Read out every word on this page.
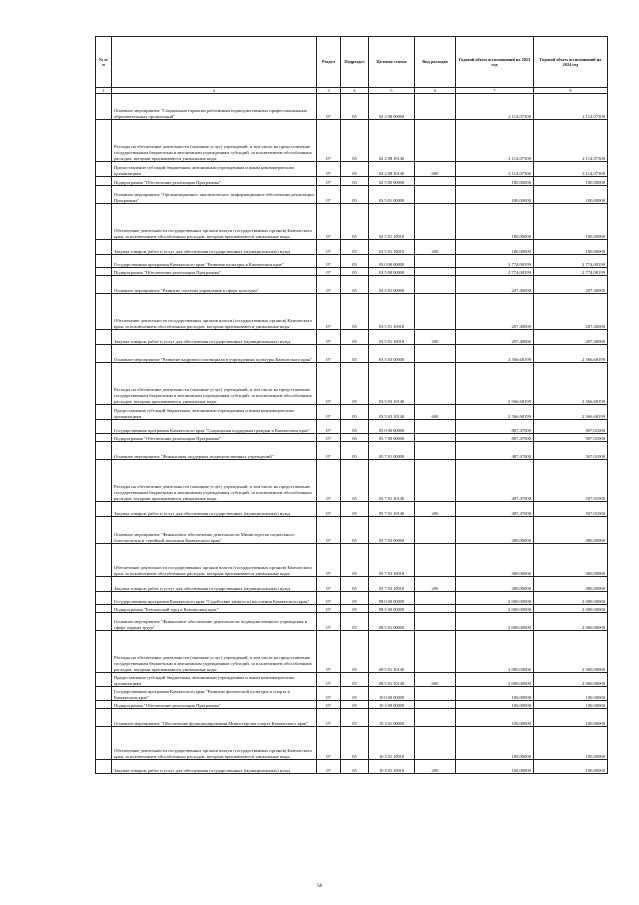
№ п/п		Раздел	Подраздел	Целевая статья	Вид расходов	Годовой объем ассигнований на 2023 год	Годовой объем ассигнований на 2024 год
1	2	3	4	5	6	7	8
	Основное мероприятие "Социальные гарантии работникам подведомственных профессиональных образовательных организаций"	07	05	02 2 08 00000		2 114,07300	2 114,07300
	Расходы на обеспечение деятельности (оказание услуг) учреждений, в том числе на предоставление государственным бюджетным и автономным учреждениям субсидий, за исключением обособленных расходов, которым присваиваются уникальные коды	07	05	02 2 08 10140		2 114,07300	2 114,07300
	Предоставление субсидий бюджетным, автономным учреждениям и иным некоммерческим организациям	07	05	02 2 08 10140	600	2 114,07300	2 114,07300
	Подпрограмма "Обеспечение реализации Программы"	07	05	02 5 00 00000		180,00000	180,00000
	Основное мероприятие "Организационное, аналитическое, информационное обеспечение реализации Программы"	07	05	02 5 01 00000		180,00000	180,00000
	Обеспечение деятельности государственных органов власти (государственных органов) Камчатского края, за исключением обособленных расходов, которым присваиваются уникальные коды.	07	05	02 5 01 10010		180,00000	180,00000
	Закупка товаров, работ и услуг для обеспечения государственных (муниципальных) нужд	07	05	02 5 01 10010	200	180,00000	180,00000
	Государственная программа Камчатского края "Развитие культуры в Камчатском крае"	07	05	03 0 00 00000		2 774,08199	2 774,08199
	Подпрограмма "Обеспечение реализации Программы"	07	05	03 5 00 00000		2 774,08199	2 774,08199
	Основное мероприятие "Развитие системы управления в сфере культуры"	07	05	03 5 01 00000		207,40000	207,40000
	Обеспечение деятельности государственных органов власти (государственных органов) Камчатского края, за исключением обособленных расходов, которым присваиваются уникальные коды.	07	05	03 5 01 10010		207,40000	207,40000
	Закупка товаров, работ и услуг для обеспечения государственных (муниципальных) нужд	07	05	03 5 01 10010	200	207,40000	207,40000
	Основное мероприятие "Развитие кадрового потенциала в учреждениях культуры Камчатского края"	07	05	03 5 03 00000		2 566,68199	2 566,68199
	Расходы на обеспечение деятельности (оказание услуг) учреждений, в том числе на предоставление государственным бюджетным и автономным учреждениям субсидий, за исключением обособленных расходов, которым присваиваются уникальные коды	07	05	03 5 03 10140		2 566,68199	2 566,68199
	Предоставление субсидий бюджетным, автономным учреждениям и иным некоммерческим организациям	07	05	03 5 03 10140	600	2 566,68199	2 566,68199
	Государственная программа Камчатского края "Социальная поддержка граждан в Камчатском крае"	07	05	05 0 00 00000		887,47000	907,01000
	Подпрограмма "Обеспечение реализации Программы"	07	05	05 7 00 00000		887,47000	907,01000
	Основное мероприятие "Финансовая поддержка подведомственных учреждений"	07	05	05 7 01 00000		487,47000	507,01000
	Расходы на обеспечение деятельности (оказание услуг) учреждений, в том числе на предоставление государственным бюджетным и автономным учреждениям субсидий, за исключением обособленных расходов, которым присваиваются уникальные коды	07	05	05 7 01 10140		487,47000	507,01000
	Закупка товаров, работ и услуг для обеспечения государственных (муниципальных) нужд	07	05	05 7 01 10140	200	487,47000	507,01000
	Основное мероприятие "Финансовое обеспечение деятельности Министерства социального благополучия и семейной политики Камчатского края"	07	05	05 7 03 00000		400,00000	400,00000
	Обеспечение деятельности государственных органов власти (государственных органов) Камчатского края, за исключением обособленных расходов, которым присваиваются уникальные коды.	07	05	05 7 03 10010		400,00000	400,00000
	Закупка товаров, работ и услуг для обеспечения государственных (муниципальных) нужд	07	05	05 7 03 10010	200	400,00000	400,00000
	Государственная программа Камчатского края "Содействие занятости населения Камчатского края"	07	05	08 0 00 00000		2 000,00000	2 000,00000
	Подпрограмма "Безопасный труд в Камчатском крае"	07	05	08 5 00 00000		2 000,00000	2 000,00000
	Основное мероприятие "Финансовое обеспечение деятельности подведомственного учреждения в сфере охраны труда"	07	05	08 5 01 00000		2 000,00000	2 000,00000
	Расходы на обеспечение деятельности (оказание услуг) учреждений, в том числе на предоставление государственным бюджетным и автономным учреждениям субсидий, за исключением обособленных расходов, которым присваиваются уникальные коды	07	05	08 5 01 10140		2 000,00000	2 000,00000
	Предоставление субсидий бюджетным, автономным учреждениям и иным некоммерческим организациям	07	05	08 5 01 10140	600	2 000,00000	2 000,00000
	Государственная программа Камчатского края "Развитие физической культуры и спорта в Камчатском крае"	07	05	10 0 00 00000		100,00000	100,00000
	Подпрограмма "Обеспечение реализации Программы"	07	05	10 3 00 00000		100,00000	100,00000
	Основное мероприятие "Обеспечение функционирования Министерства спорта Камчатского края"	07	05	10 3 01 00000		100,00000	100,00000
	Обеспечение деятельности государственных органов власти (государственных органов) Камчатского края, за исключением обособленных расходов, которым присваиваются уникальные коды.	07	05	10 3 01 10010		100,00000	100,00000
	Закупка товаров, работ и услуг для обеспечения государственных (муниципальных) нужд	07	05	10 3 01 10010	200	100,00000	100,00000
58
